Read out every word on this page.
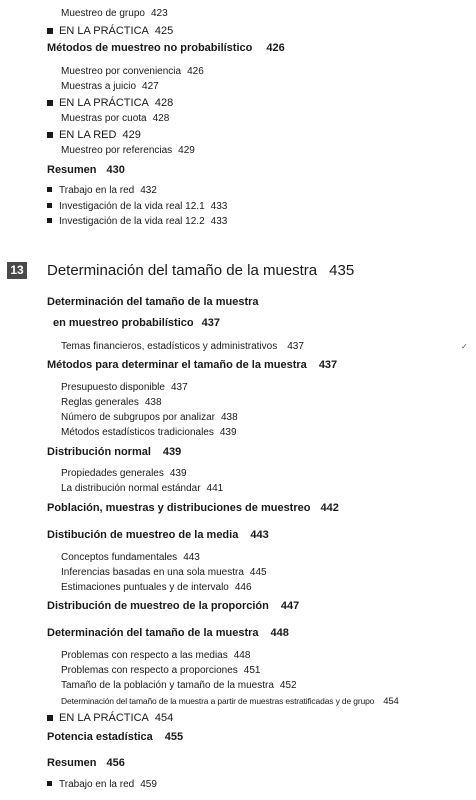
Muestreo de grupo 423
EN LA PRÁCTICA 425
Métodos de muestreo no probabilístico 426
Muestreo por conveniencia 426
Muestras a juicio 427
EN LA PRÁCTICA 428
Muestras por cuota 428
EN LA RED 429
Muestreo por referencias 429
Resumen 430
Trabajo en la red 432
Investigación de la vida real 12.1 433
Investigación de la vida real 12.2 433
13 Determinación del tamaño de la muestra 435
Determinación del tamaño de la muestra
en muestreo probabilístico 437
Temas financieros, estadísticos y administrativos 437	✓
Métodos para determinar el tamaño de la muestra 437
Presupuesto disponible 437
Reglas generales 438
Número de subgrupos por analizar 438
Métodos estadísticos tradicionales 439
Distribución normal 439
Propiedades generales 439
La distribución normal estándar 441
Población, muestras y distribuciones de muestreo 442
Distibución de muestreo de la media 443
Conceptos fundamentales 443
Inferencias basadas en una sola muestra 445
Estimaciones puntuales y de intervalo 446
Distribución de muestreo de la proporción 447
Determinación del tamaño de la muestra 448
Problemas con respecto a las medias 448
Problemas con respecto a proporciones 451
Tamaño de la población y tamaño de la muestra 452
Determinación del tamaño de la muestra a partir de muestras estratificadas y de grupo 454
EN LA PRÁCTICA 454
Potencia estadística 455
Resumen 456
Trabajo en la red 459
